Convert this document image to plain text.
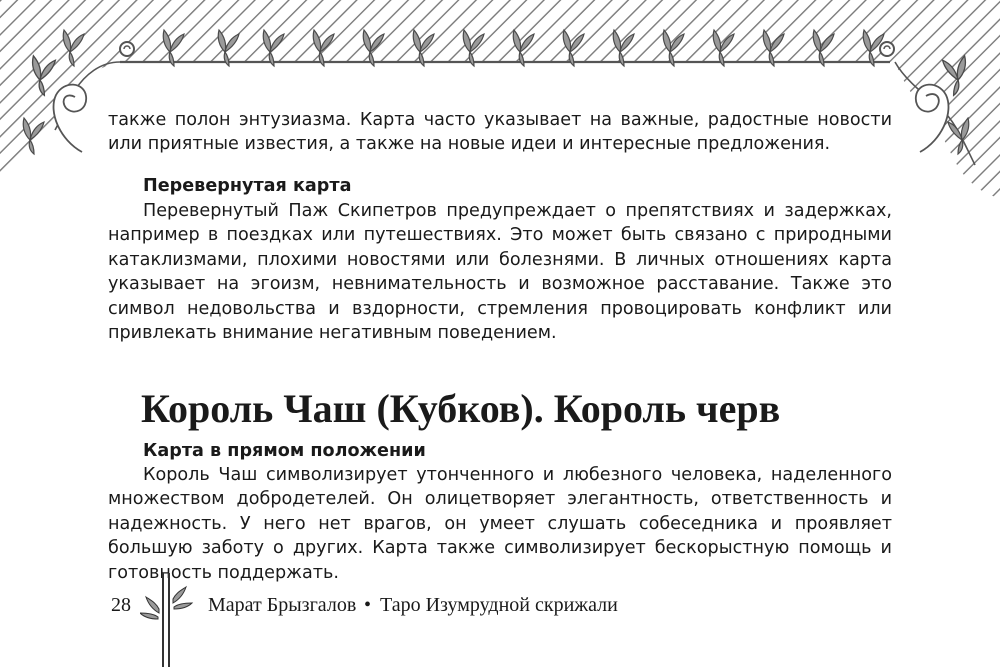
также полон энтузиазма. Карта часто указывает на важные, радостные новости или приятные известия, а также на новые идеи и интересные предложения.

Перевернутая карта

Перевернутый Паж Скипетров предупреждает о препятствиях и задержках, например в поездках или путешествиях. Это может быть связано с природными катаклизмами, плохими новостями или болезнями. В личных отношениях карта указывает на эгоизм, невнимательность и возможное расставание. Также это символ недовольства и вздорности, стремления провоцировать конфликт или привлекать внимание негативным поведением.

Король Чаш (Кубков). Король черв

Карта в прямом положении

Король Чаш символизирует утонченного и любезного человека, наделенного множеством добродетелей. Он олицетворяет элегантность, ответственность и надежность. У него нет врагов, он умеет слушать собеседника и проявляет большую заботу о других. Карта также символизирует бескорыстную помощь и готовность поддержать.

28	Марат Брызгалов • Таро Изумрудной скрижали
